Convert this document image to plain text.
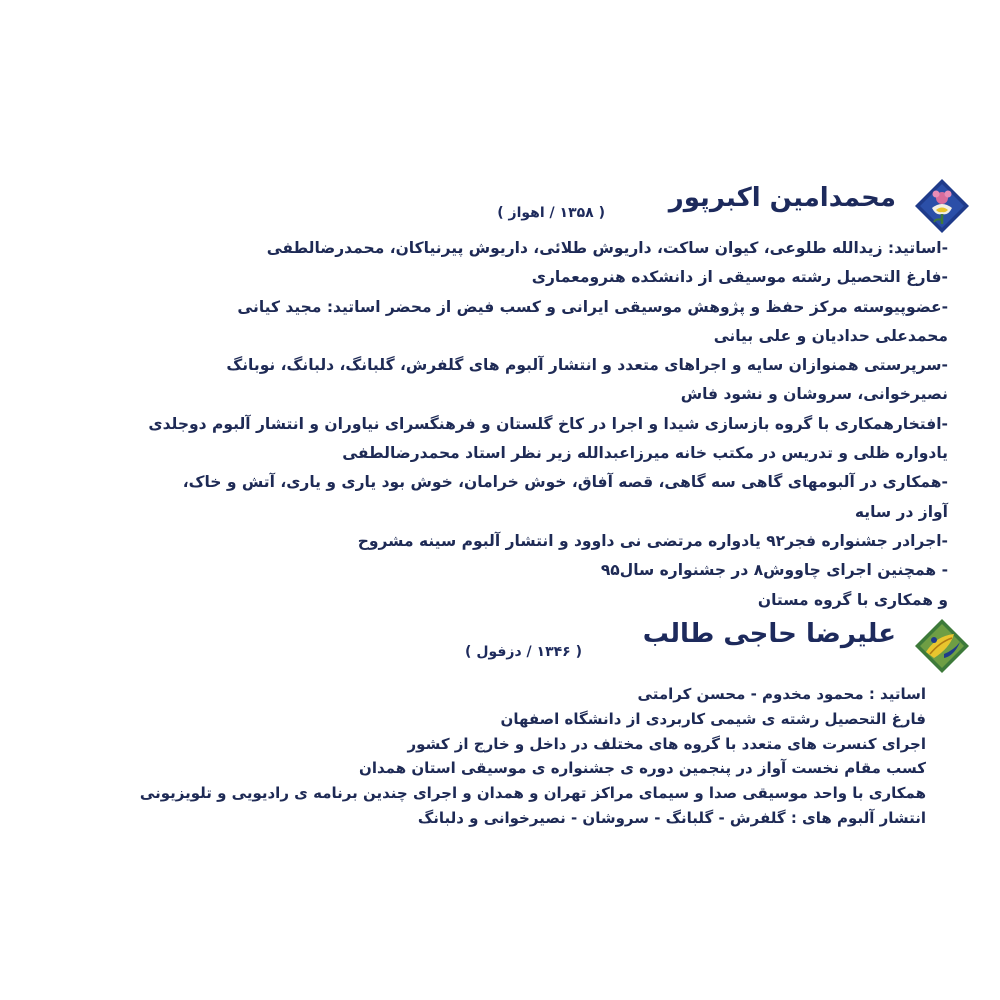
محمدامین اکبرپور
( ۱۳۵۸ / اهواز )
-اساتید: زیدالله طلوعی، کیوان ساکت، داریوش طلائی، داریوش پیرنیاکان، محمدرضالطفی
-فارغ التحصیل رشته موسیقی از دانشکده هنرومعماری
-عضوپیوسته مرکز حفظ و پژوهش موسیقی ایرانی و کسب فیض از محضر اساتید: مجید کیانی
محمدعلی حدادیان و علی بیانی
-سرپرستی همنوازان سایه و اجراهای متعدد و انتشار آلبوم های گلفرش، گلبانگ، دلبانگ، نوبانگ
نصیرخوانی، سروشان و نشود فاش
-افتخارهمکاری با گروه بازسازی شیدا و اجرا در کاخ گلستان و فرهنگسرای نیاوران و انتشار آلبوم دوجلدی
یادواره ظلی و تدریس در مکتب خانه میرزاعبدالله زیر نظر استاد محمدرضالطفی
-همکاری در آلبومهای گاهی سه گاهی، قصه آفاق، خوش خرامان، خوش بود یاری و یاری، آتش و خاک،
آواز در سایه
-اجرادر جشنواره فجر۹۲ یادواره مرتضی نی داوود و انتشار آلبوم سینه مشروح
- همچنین اجرای چاووش۸ در جشنواره سال۹۵
و همکاری با گروه مستان
علیرضا حاجی طالب
( ۱۳۴۶ / دزفول )
اساتید : محمود مخدوم - محسن کرامتی
فارغ التحصیل رشته ی شیمی کاربردی از دانشگاه اصفهان
اجرای کنسرت های متعدد با گروه های مختلف در داخل و خارج از کشور
کسب مقام نخست آواز در پنجمین دوره ی جشنواره ی موسیقی استان همدان
همکاری با واحد موسیقی صدا و سیمای مراکز تهران و همدان و اجرای چندین برنامه ی رادیویی و تلویزیونی
انتشار آلبوم های : گلفرش - گلبانگ - سروشان - نصیرخوانی و دلبانگ
